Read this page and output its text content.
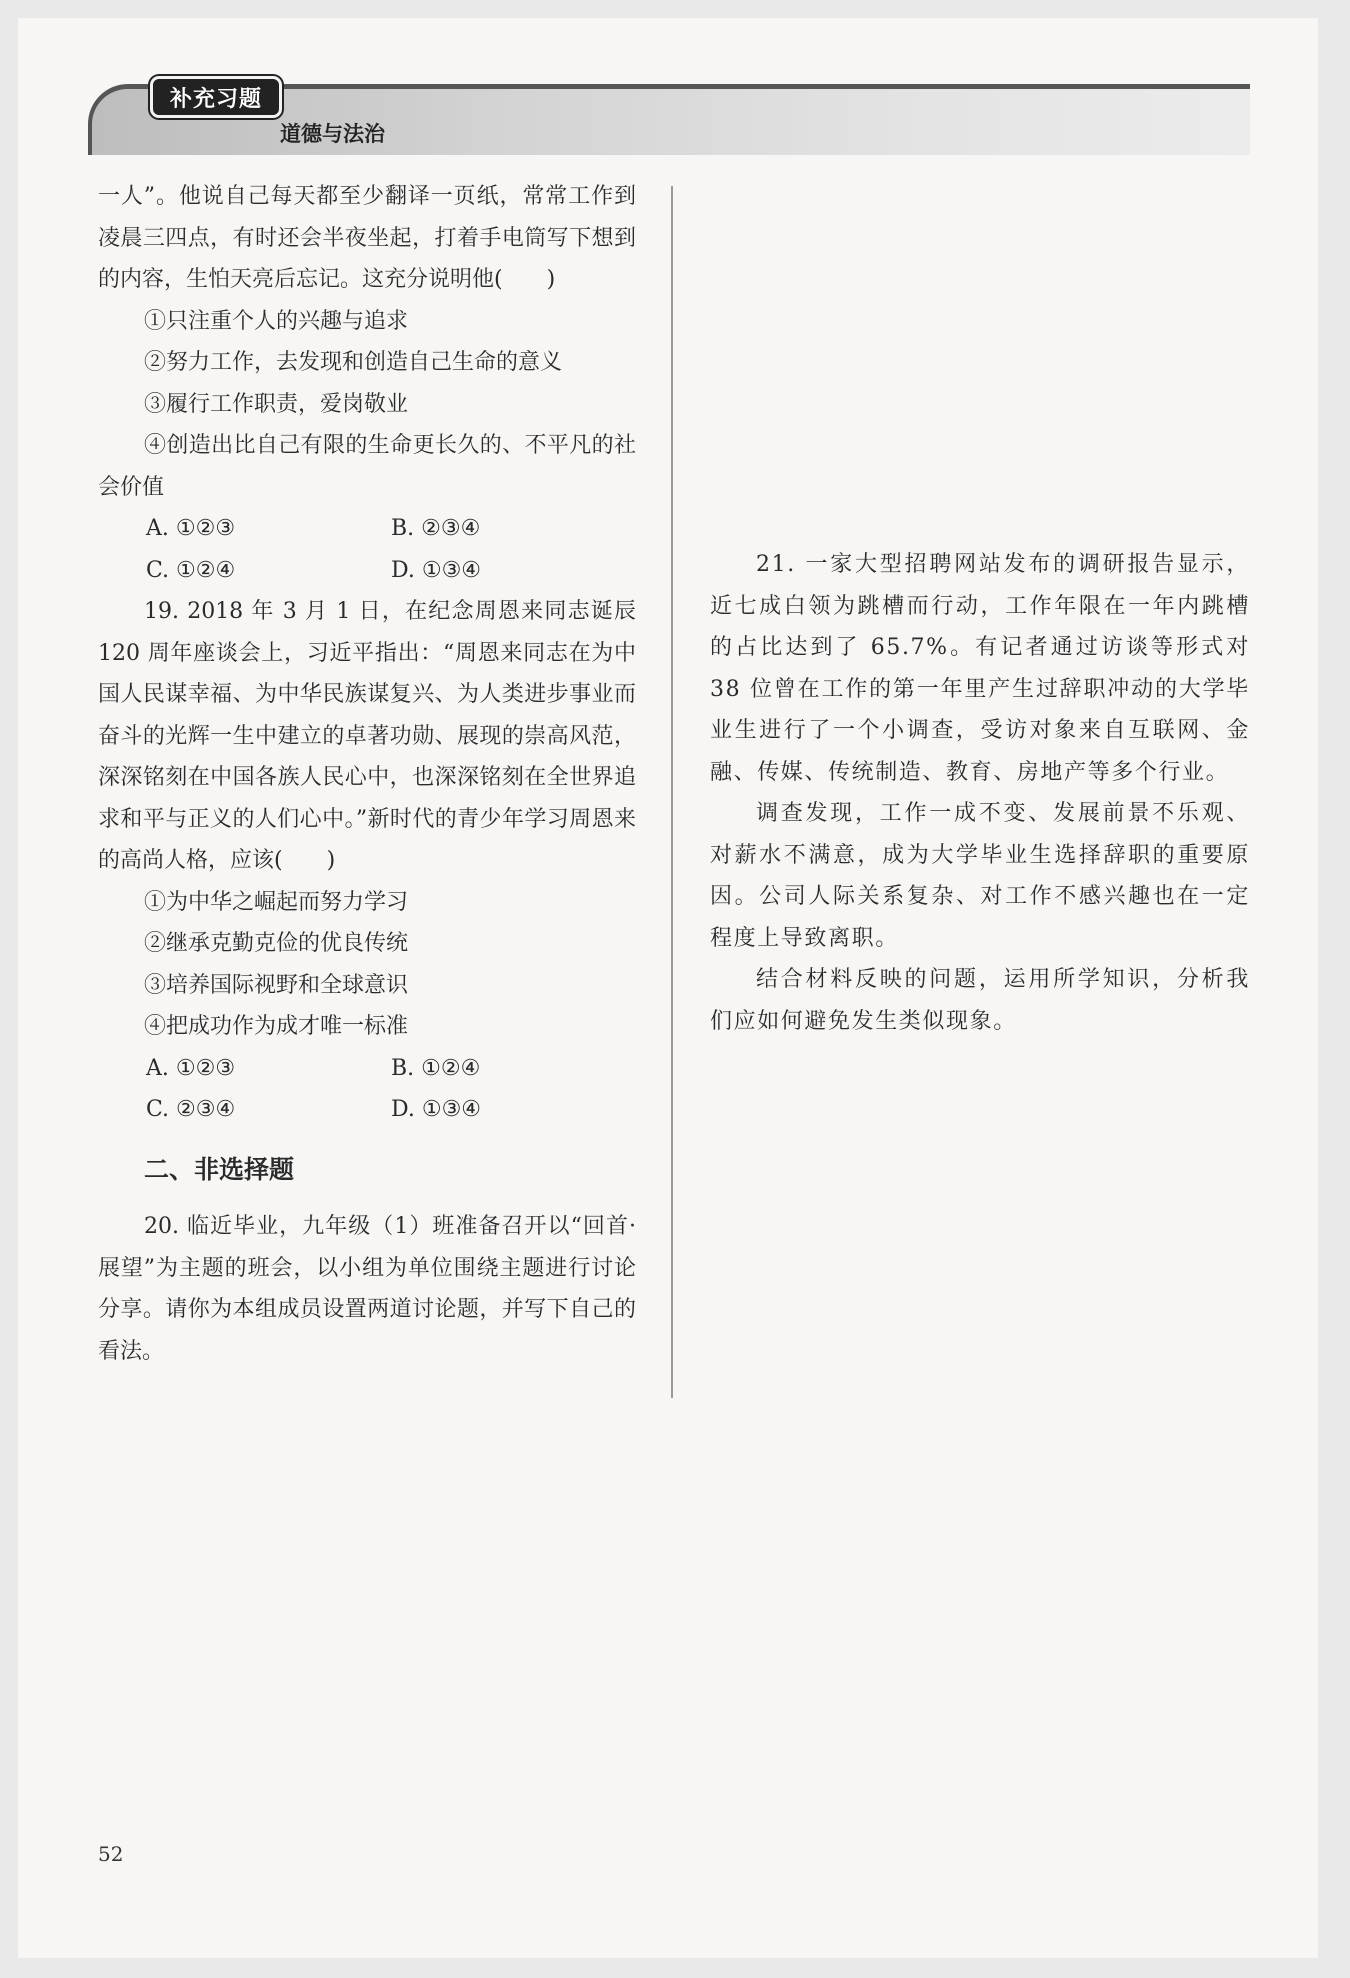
补充习题
道德与法治

一人”。他说自己每天都至少翻译一页纸，常常工作到凌晨三四点，有时还会半夜坐起，打着手电筒写下想到的内容，生怕天亮后忘记。这充分说明他(　　)

①只注重个人的兴趣与追求

②努力工作，去发现和创造自己生命的意义

③履行工作职责，爱岗敬业

④创造出比自己有限的生命更长久的、不平凡的社会价值

A. ①②③	B. ②③④
C. ①②④	D. ①③④

19. 2018 年 3 月 1 日，在纪念周恩来同志诞辰 120 周年座谈会上，习近平指出：“周恩来同志在为中国人民谋幸福、为中华民族谋复兴、为人类进步事业而奋斗的光辉一生中建立的卓著功勋、展现的崇高风范，深深铭刻在中国各族人民心中，也深深铭刻在全世界追求和平与正义的人们心中。”新时代的青少年学习周恩来的高尚人格，应该(　　)

①为中华之崛起而努力学习

②继承克勤克俭的优良传统

③培养国际视野和全球意识

④把成功作为成才唯一标准

A. ①②③	B. ①②④
C. ②③④	D. ①③④

二、非选择题

20. 临近毕业，九年级（1）班准备召开以“回首·展望”为主题的班会，以小组为单位围绕主题进行讨论分享。请你为本组成员设置两道讨论题，并写下自己的看法。

21. 一家大型招聘网站发布的调研报告显示，近七成白领为跳槽而行动，工作年限在一年内跳槽的占比达到了 65.7%。有记者通过访谈等形式对 38 位曾在工作的第一年里产生过辞职冲动的大学毕业生进行了一个小调查，受访对象来自互联网、金融、传媒、传统制造、教育、房地产等多个行业。

调查发现，工作一成不变、发展前景不乐观、对薪水不满意，成为大学毕业生选择辞职的重要原因。公司人际关系复杂、对工作不感兴趣也在一定程度上导致离职。

结合材料反映的问题，运用所学知识，分析我们应如何避免发生类似现象。

52
